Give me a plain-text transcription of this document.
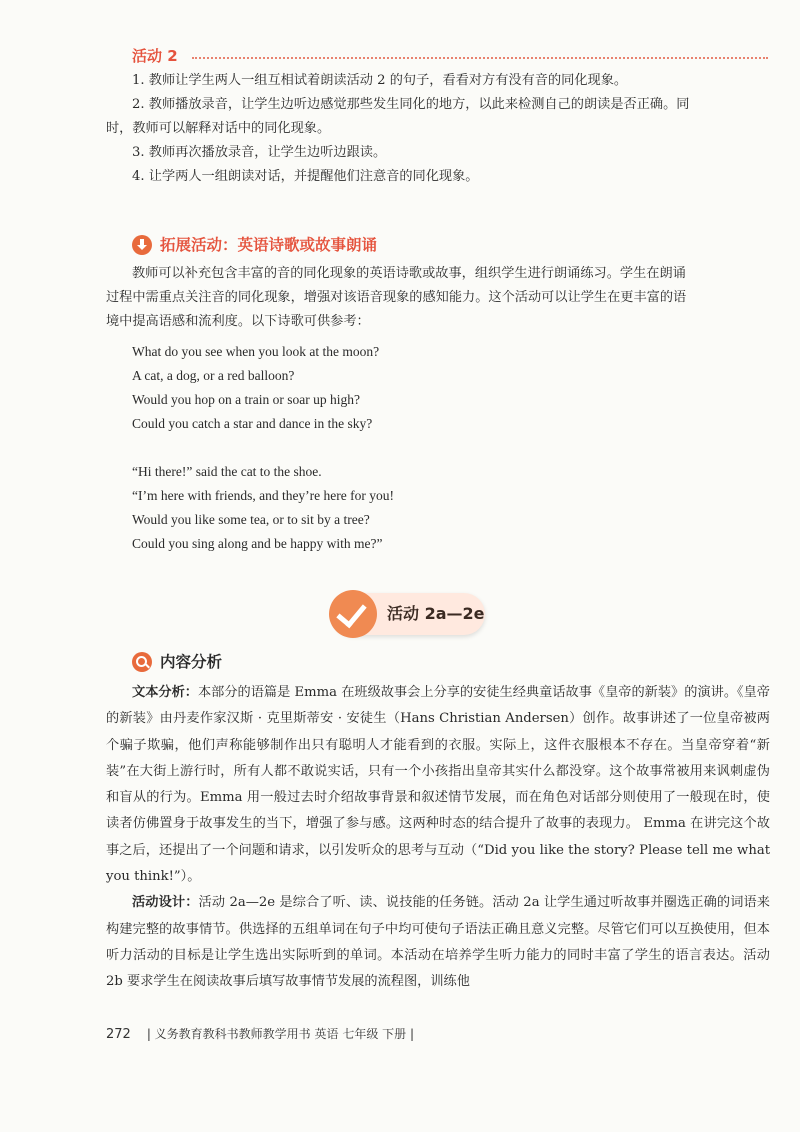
活动 2

1. 教师让学生两人一组互相试着朗读活动 2 的句子，看看对方有没有音的同化现象。

2. 教师播放录音，让学生边听边感觉那些发生同化的地方，以此来检测自己的朗读是否正确。同

时，教师可以解释对话中的同化现象。

3. 教师再次播放录音，让学生边听边跟读。

4. 让学两人一组朗读对话，并提醒他们注意音的同化现象。

拓展活动：英语诗歌或故事朗诵

教师可以补充包含丰富的音的同化现象的英语诗歌或故事，组织学生进行朗诵练习。学生在朗诵

过程中需重点关注音的同化现象，增强对该语音现象的感知能力。这个活动可以让学生在更丰富的语

境中提高语感和流利度。以下诗歌可供参考：

What do you see when you look at the moon?

A cat, a dog, or a red balloon?

Would you hop on a train or soar up high?

Could you catch a star and dance in the sky?

“Hi there!” said the cat to the shoe.

“I’m here with friends, and they’re here for you!

Would you like some tea, or to sit by a tree?

Could you sing along and be happy with me?”

活动 2a—2e
内容分析

文本分析：本部分的语篇是 Emma 在班级故事会上分享的安徒生经典童话故事《皇帝的新装》的演讲。《皇帝的新装》由丹麦作家汉斯 · 克里斯蒂安 · 安徒生（Hans Christian Andersen）创作。故事讲述了一位皇帝被两个骗子欺骗，他们声称能够制作出只有聪明人才能看到的衣服。实际上，这件衣服根本不存在。当皇帝穿着“新装”在大街上游行时，所有人都不敢说实话，只有一个小孩指出皇帝其实什么都没穿。这个故事常被用来讽刺虚伪和盲从的行为。Emma 用一般过去时介绍故事背景和叙述情节发展，而在角色对话部分则使用了一般现在时，使读者仿佛置身于故事发生的当下，增强了参与感。这两种时态的结合提升了故事的表现力。 Emma 在讲完这个故事之后，还提出了一个问题和请求，以引发听众的思考与互动（“Did you like the story? Please tell me what you think!”）。

活动设计：活动 2a—2e 是综合了听、读、说技能的任务链。活动 2a 让学生通过听故事并圈选正确的词语来构建完整的故事情节。供选择的五组单词在句子中均可使句子语法正确且意义完整。尽管它们可以互换使用，但本听力活动的目标是让学生选出实际听到的单词。本活动在培养学生听力能力的同时丰富了学生的语言表达。活动 2b 要求学生在阅读故事后填写故事情节发展的流程图，训练他

272 | 义务教育教科书教师教学用书 英语 七年级 下册 |
